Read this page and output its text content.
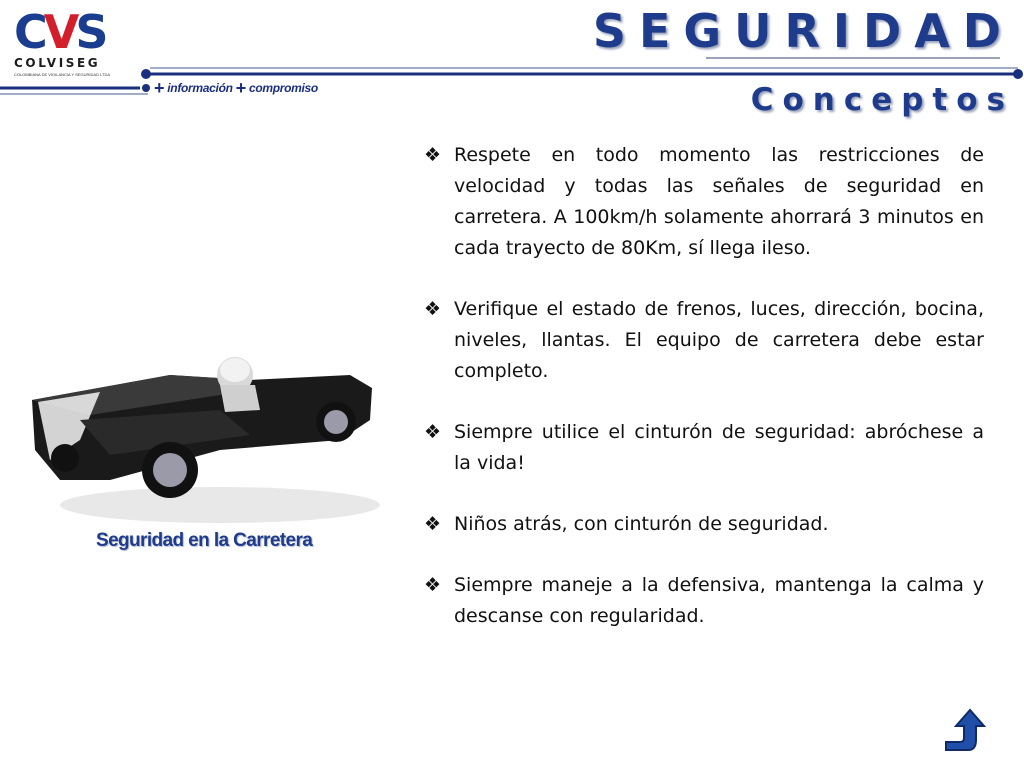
CVS
COLVISEG
COLOMBIANA DE VIGILANCIA Y SEGURIDAD LTDA
+ información + compromiso
SEGURIDAD
Conceptos
Seguridad en la Carretera
❖ Respete en todo momento las restricciones de velocidad y todas las señales de seguridad en carretera. A 100km/h solamente ahorrará 3 minutos en cada trayecto de 80Km, sí llega ileso.
❖ Verifique el estado de frenos, luces, dirección, bocina, niveles, llantas. El equipo de carretera debe estar completo.
❖ Siempre utilice el cinturón de seguridad: abróchese a la vida!
❖ Niños atrás, con cinturón de seguridad.
❖ Siempre maneje a la defensiva, mantenga la calma y descanse con regularidad.
